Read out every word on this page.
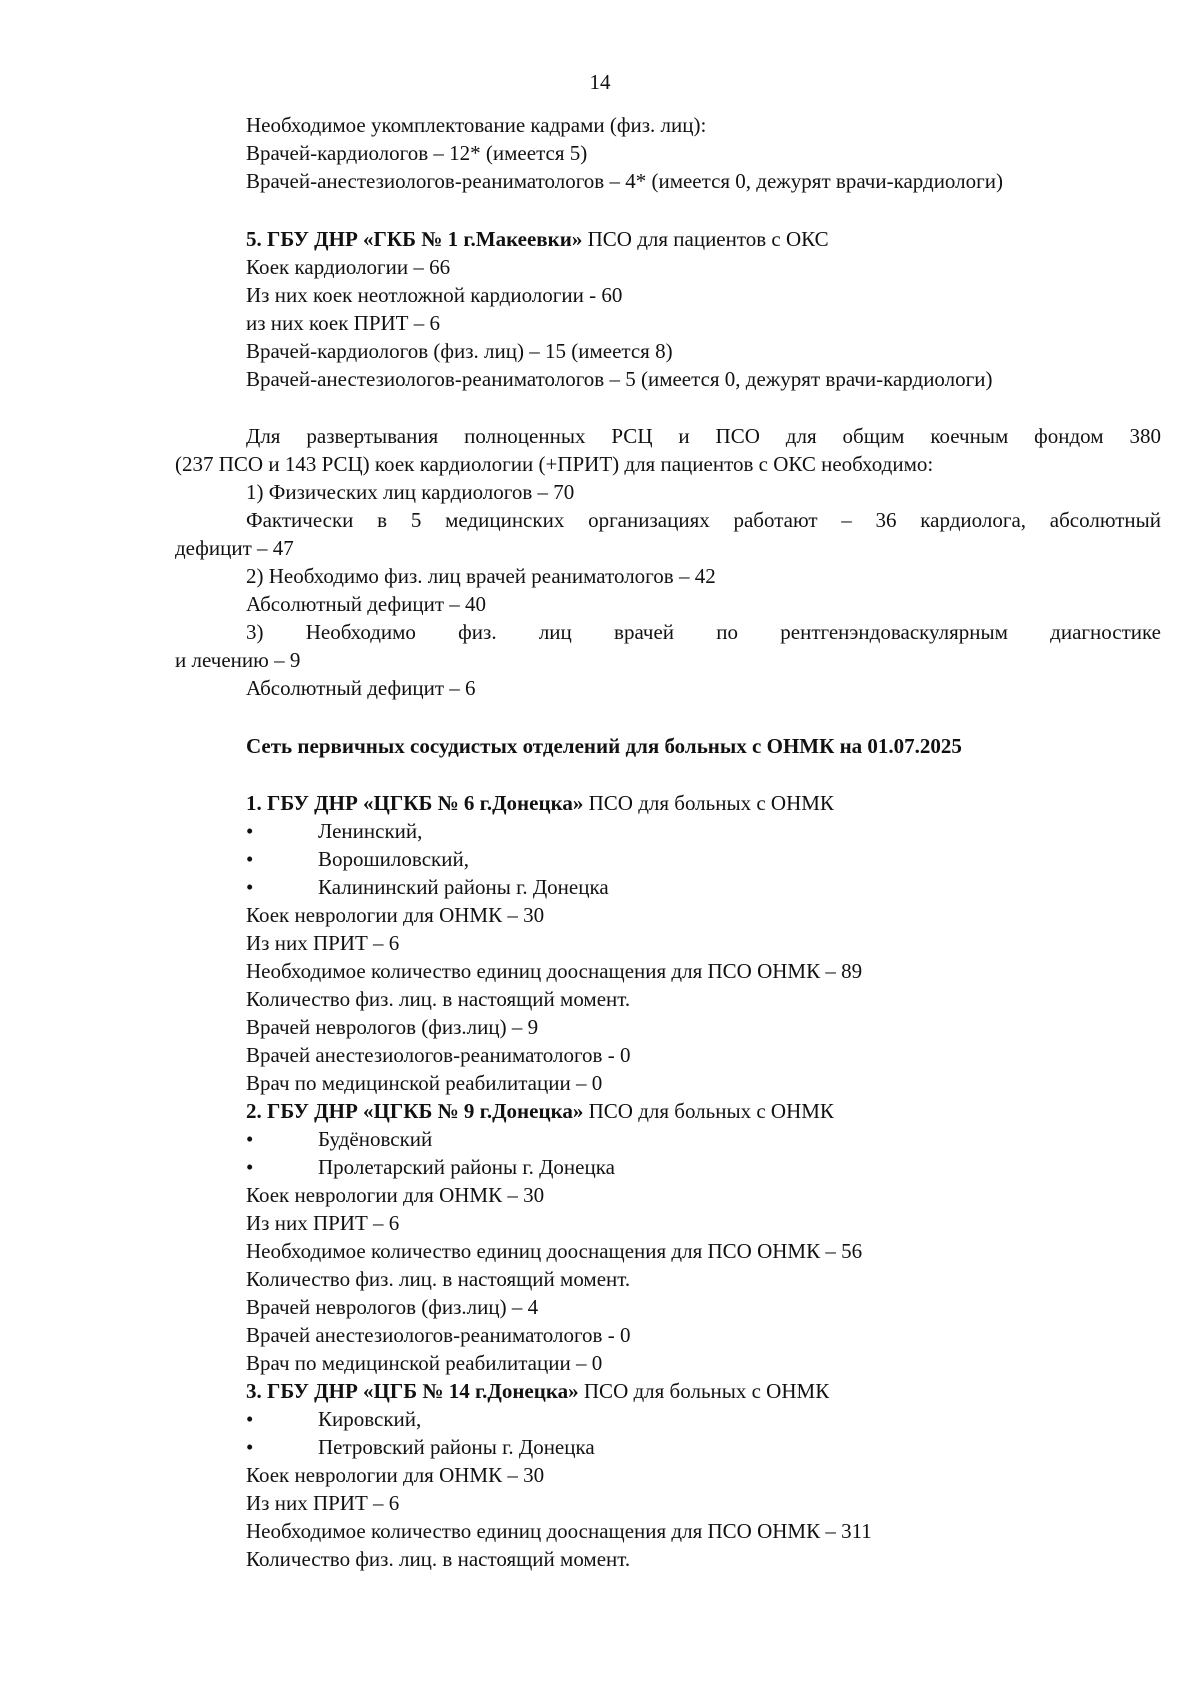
14
Необходимое укомплектование кадрами (физ. лиц):
Врачей-кардиологов – 12* (имеется 5)
Врачей-анестезиологов-реаниматологов – 4* (имеется 0, дежурят врачи-кардиологи)
5. ГБУ ДНР «ГКБ № 1 г.Макеевки» ПСО для пациентов с ОКС
Коек кардиологии – 66
Из них коек неотложной кардиологии - 60
из них коек ПРИТ – 6
Врачей-кардиологов (физ. лиц) – 15 (имеется 8)
Врачей-анестезиологов-реаниматологов – 5 (имеется 0, дежурят врачи-кардиологи)
Для развертывания полноценных РСЦ и ПСО для общим коечным фондом 380
(237 ПСО и 143 РСЦ) коек кардиологии (+ПРИТ) для пациентов с ОКС необходимо:
1) Физических лиц кардиологов – 70
Фактически в 5 медицинских организациях работают – 36 кардиолога, абсолютный
дефицит – 47
2) Необходимо физ. лиц врачей реаниматологов – 42
Абсолютный дефицит – 40
3) Необходимо физ. лиц врачей по рентгенэндоваскулярным диагностике
и лечению – 9
Абсолютный дефицит – 6
Сеть первичных сосудистых отделений для больных с ОНМК на 01.07.2025
1. ГБУ ДНР «ЦГКБ № 6 г.Донецка» ПСО для больных с ОНМК
•	Ленинский,
•	Ворошиловский,
•	Калининский районы г. Донецка
Коек неврологии для ОНМК – 30
Из них ПРИТ – 6
Необходимое количество единиц дооснащения для ПСО ОНМК – 89
Количество физ. лиц. в настоящий момент.
Врачей неврологов (физ.лиц) – 9
Врачей анестезиологов-реаниматологов - 0
Врач по медицинской реабилитации – 0
2. ГБУ ДНР «ЦГКБ № 9 г.Донецка» ПСО для больных с ОНМК
•	Будёновский
•	Пролетарский районы г. Донецка
Коек неврологии для ОНМК – 30
Из них ПРИТ – 6
Необходимое количество единиц дооснащения для ПСО ОНМК – 56
Количество физ. лиц. в настоящий момент.
Врачей неврологов (физ.лиц) – 4
Врачей анестезиологов-реаниматологов - 0
Врач по медицинской реабилитации – 0
3. ГБУ ДНР «ЦГБ № 14 г.Донецка» ПСО для больных с ОНМК
•	Кировский,
•	Петровский районы г. Донецка
Коек неврологии для ОНМК – 30
Из них ПРИТ – 6
Необходимое количество единиц дооснащения для ПСО ОНМК – 311
Количество физ. лиц. в настоящий момент.
